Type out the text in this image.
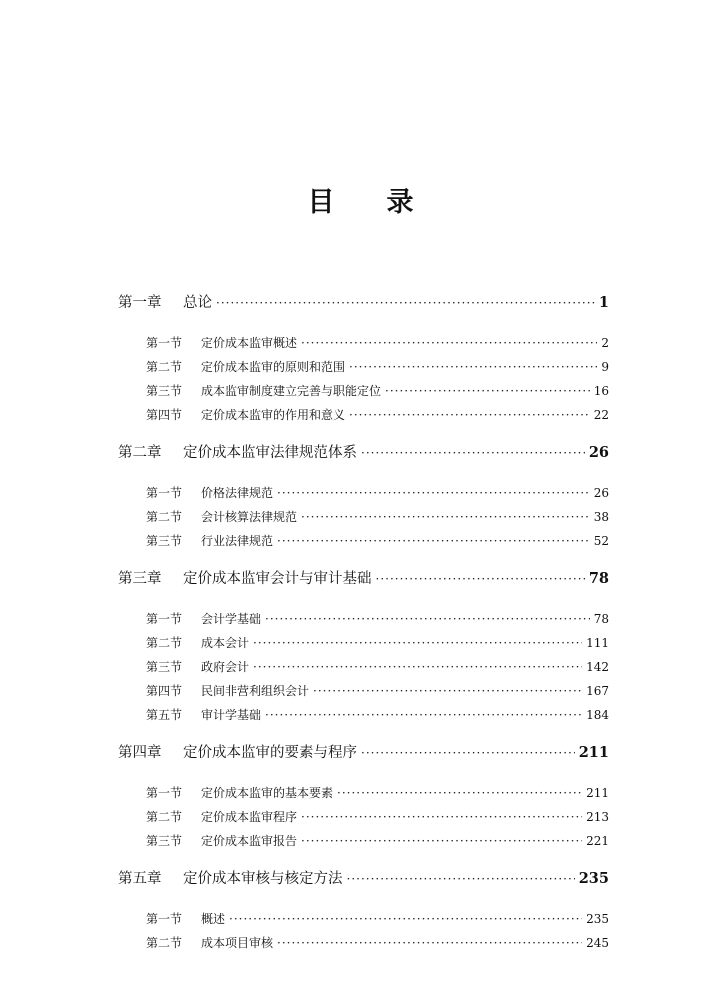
目 录
第一章	总论 ·····	1
第一节	定价成本监审概述 ·····	2
第二节	定价成本监审的原则和范围 ·····	9
第三节	成本监审制度建立完善与职能定位 ·····	16
第四节	定价成本监审的作用和意义 ·····	22
第二章	定价成本监审法律规范体系 ·····	26
第一节	价格法律规范 ·····	26
第二节	会计核算法律规范 ·····	38
第三节	行业法律规范 ·····	52
第三章	定价成本监审会计与审计基础 ·····	78
第一节	会计学基础 ·····	78
第二节	成本会计 ·····	111
第三节	政府会计 ·····	142
第四节	民间非营利组织会计 ·····	167
第五节	审计学基础 ·····	184
第四章	定价成本监审的要素与程序 ·····	211
第一节	定价成本监审的基本要素 ·····	211
第二节	定价成本监审程序 ·····	213
第三节	定价成本监审报告 ·····	221
第五章	定价成本审核与核定方法 ·····	235
第一节	概述 ·····	235
第二节	成本项目审核 ·····	245
